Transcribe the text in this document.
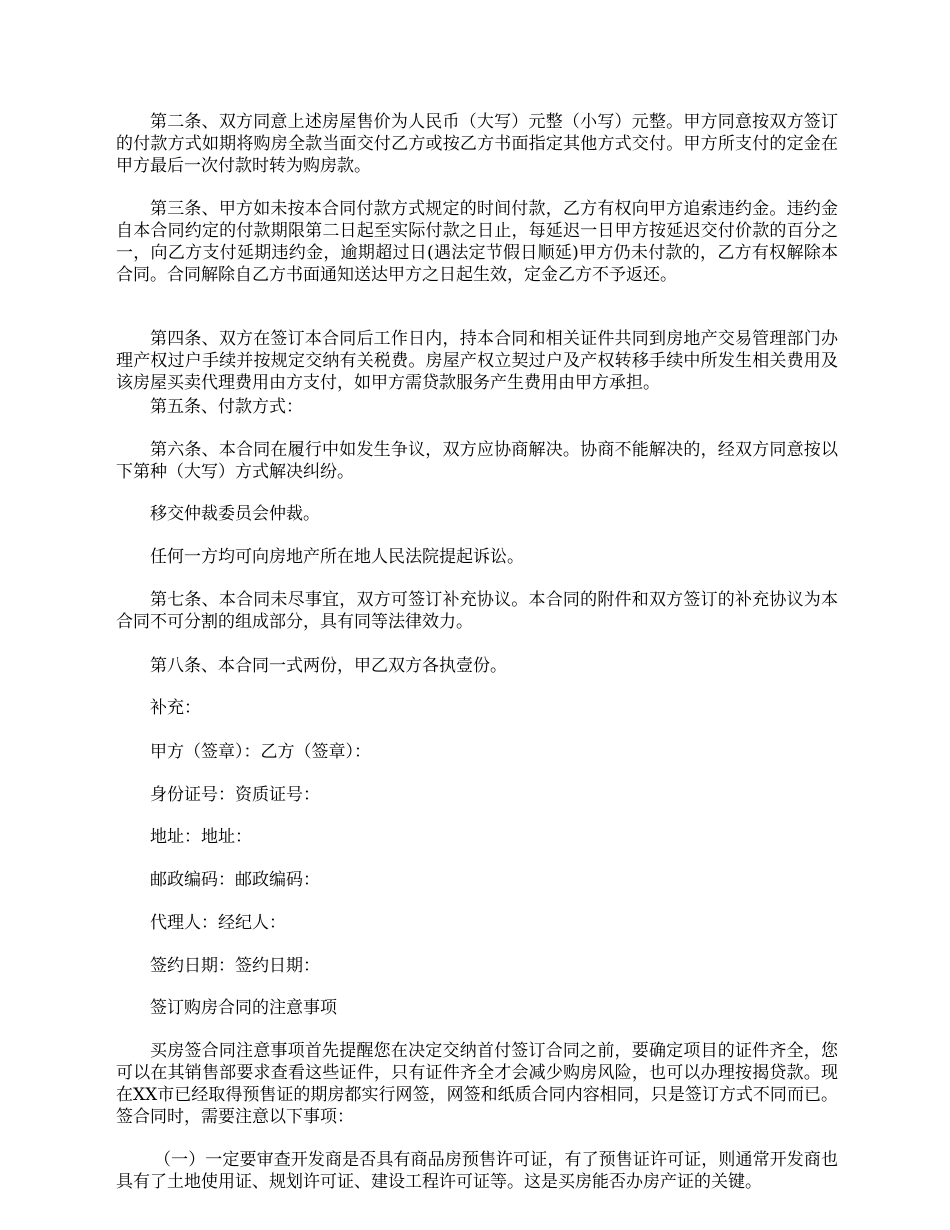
第二条、双方同意上述房屋售价为人民币（大写）元整（小写）元整。甲方同意按双方签订的付款方式如期将购房全款当面交付乙方或按乙方书面指定其他方式交付。甲方所支付的定金在甲方最后一次付款时转为购房款。

第三条、甲方如未按本合同付款方式规定的时间付款，乙方有权向甲方追索违约金。违约金自本合同约定的付款期限第二日起至实际付款之日止，每延迟一日甲方按延迟交付价款的百分之一，向乙方支付延期违约金，逾期超过日(遇法定节假日顺延)甲方仍未付款的，乙方有权解除本合同。合同解除自乙方书面通知送达甲方之日起生效，定金乙方不予返还。

第四条、双方在签订本合同后工作日内，持本合同和相关证件共同到房地产交易管理部门办理产权过户手续并按规定交纳有关税费。房屋产权立契过户及产权转移手续中所发生相关费用及该房屋买卖代理费用由方支付，如甲方需贷款服务产生费用由甲方承担。

第五条、付款方式：

第六条、本合同在履行中如发生争议，双方应协商解决。协商不能解决的，经双方同意按以下第种（大写）方式解决纠纷。

移交仲裁委员会仲裁。

任何一方均可向房地产所在地人民法院提起诉讼。

第七条、本合同未尽事宜，双方可签订补充协议。本合同的附件和双方签订的补充协议为本合同不可分割的组成部分，具有同等法律效力。

第八条、本合同一式两份，甲乙双方各执壹份。

补充：

甲方（签章）：乙方（签章）：

身份证号：资质证号：

地址：地址：

邮政编码：邮政编码：

代理人：经纪人：

签约日期：签约日期：

签订购房合同的注意事项

买房签合同注意事项首先提醒您在决定交纳首付签订合同之前，要确定项目的证件齐全，您可以在其销售部要求查看这些证件，只有证件齐全才会减少购房风险，也可以办理按揭贷款。现在XX市已经取得预售证的期房都实行网签，网签和纸质合同内容相同，只是签订方式不同而已。签合同时，需要注意以下事项：

（一）一定要审查开发商是否具有商品房预售许可证，有了预售证许可证，则通常开发商也具有了土地使用证、规划许可证、建设工程许可证等。这是买房能否办房产证的关键。
